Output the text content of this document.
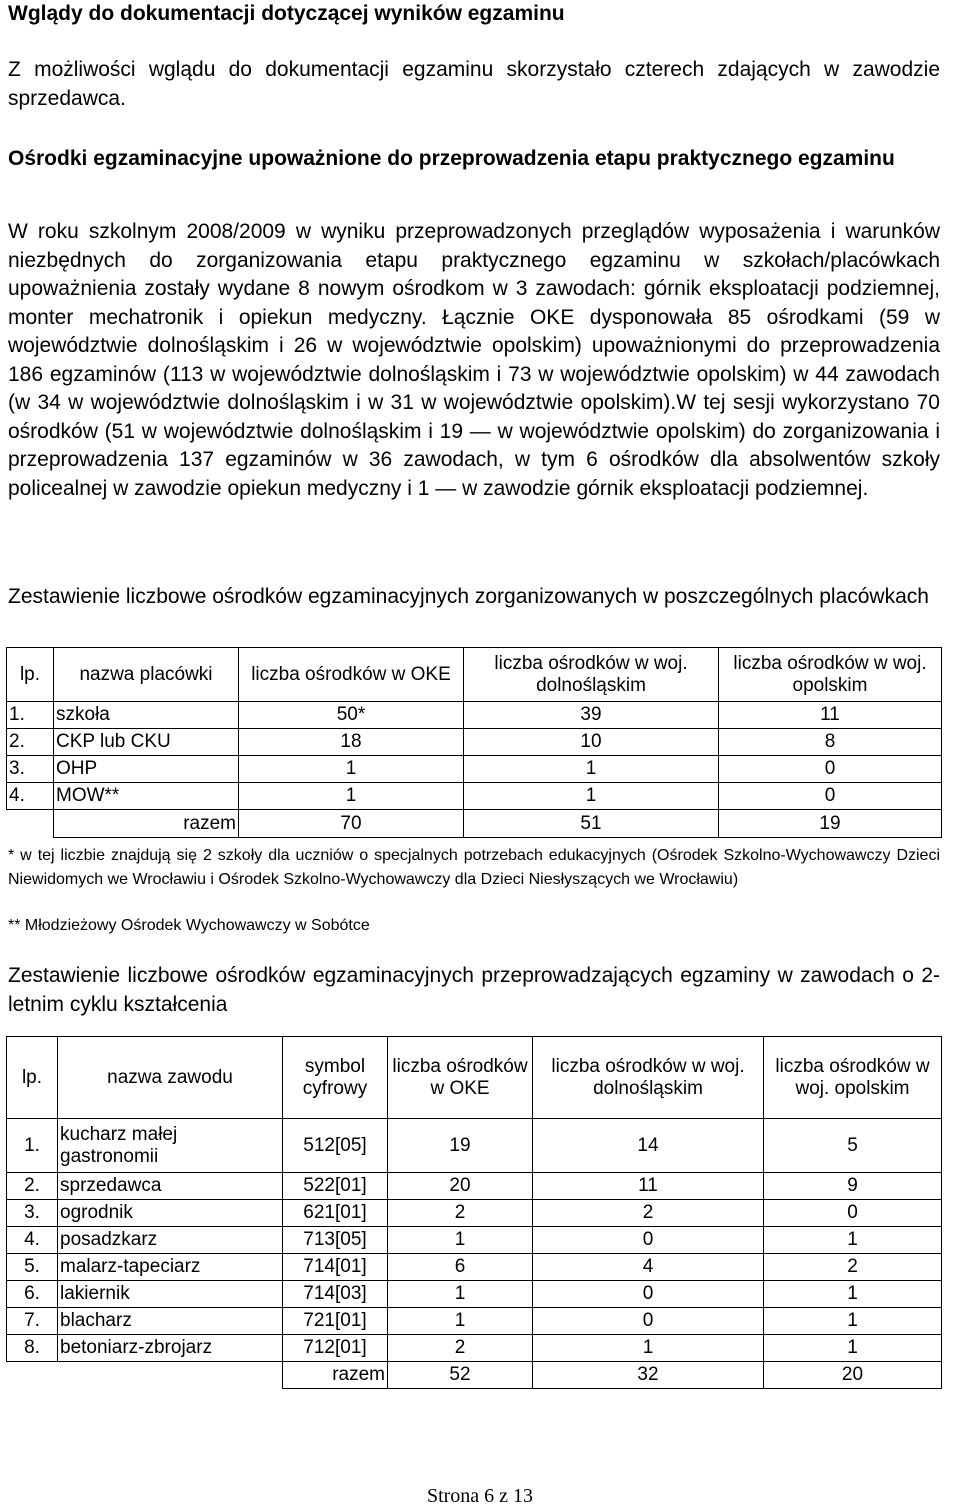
Wglądy do dokumentacji dotyczącej wyników egzaminu
Z możliwości wglądu do dokumentacji egzaminu skorzystało czterech zdających w zawodzie sprzedawca.
Ośrodki egzaminacyjne upoważnione do przeprowadzenia etapu praktycznego egzaminu
W roku szkolnym 2008/2009 w wyniku przeprowadzonych przeglądów wyposażenia i warunków niezbędnych do zorganizowania etapu praktycznego egzaminu w szkołach/placówkach upoważnienia zostały wydane 8 nowym ośrodkom w 3 zawodach: górnik eksploatacji podziemnej, monter mechatronik i opiekun medyczny. Łącznie OKE dysponowała 85 ośrodkami (59 w województwie dolnośląskim i 26 w województwie opolskim) upoważnionymi do przeprowadzenia 186 egzaminów (113 w województwie dolnośląskim i 73 w województwie opolskim) w 44 zawodach (w 34 w województwie dolnośląskim i w 31 w województwie opolskim).W tej sesji wykorzystano 70 ośrodków (51 w województwie dolnośląskim i 19 — w województwie opolskim) do zorganizowania i przeprowadzenia 137 egzaminów w 36 zawodach, w tym 6 ośrodków dla absolwentów szkoły policealnej w zawodzie opiekun medyczny i 1 — w zawodzie górnik eksploatacji podziemnej.
Zestawienie liczbowe ośrodków egzaminacyjnych zorganizowanych w poszczególnych placówkach
lp.	nazwa placówki	liczba ośrodków w OKE	liczba ośrodków w woj. dolnośląskim	liczba ośrodków w woj. opolskim
1.	szkoła	50*	39	11
2.	CKP lub CKU	18	10	8
3.	OHP	1	1	0
4.	MOW**	1	1	0
	razem	70	51	19
* w tej liczbie znajdują się 2 szkoły dla uczniów o specjalnych potrzebach edukacyjnych (Ośrodek Szkolno-Wychowawczy Dzieci Niewidomych we Wrocławiu i Ośrodek Szkolno-Wychowawczy dla Dzieci Niesłyszących we Wrocławiu)
** Młodzieżowy Ośrodek Wychowawczy w Sobótce
Zestawienie liczbowe ośrodków egzaminacyjnych przeprowadzających egzaminy w zawodach o 2-letnim cyklu kształcenia
lp.	nazwa zawodu	symbol cyfrowy	liczba ośrodków w OKE	liczba ośrodków w woj. dolnośląskim	liczba ośrodków w woj. opolskim
1.	kucharz małej gastronomii	512[05]	19	14	5
2.	sprzedawca	522[01]	20	11	9
3.	ogrodnik	621[01]	2	2	0
4.	posadzkarz	713[05]	1	0	1
5.	malarz-tapeciarz	714[01]	6	4	2
6.	lakiernik	714[03]	1	0	1
7.	blacharz	721[01]	1	0	1
8.	betoniarz-zbrojarz	712[01]	2	1	1
		razem	52	32	20
Strona 6 z 13
